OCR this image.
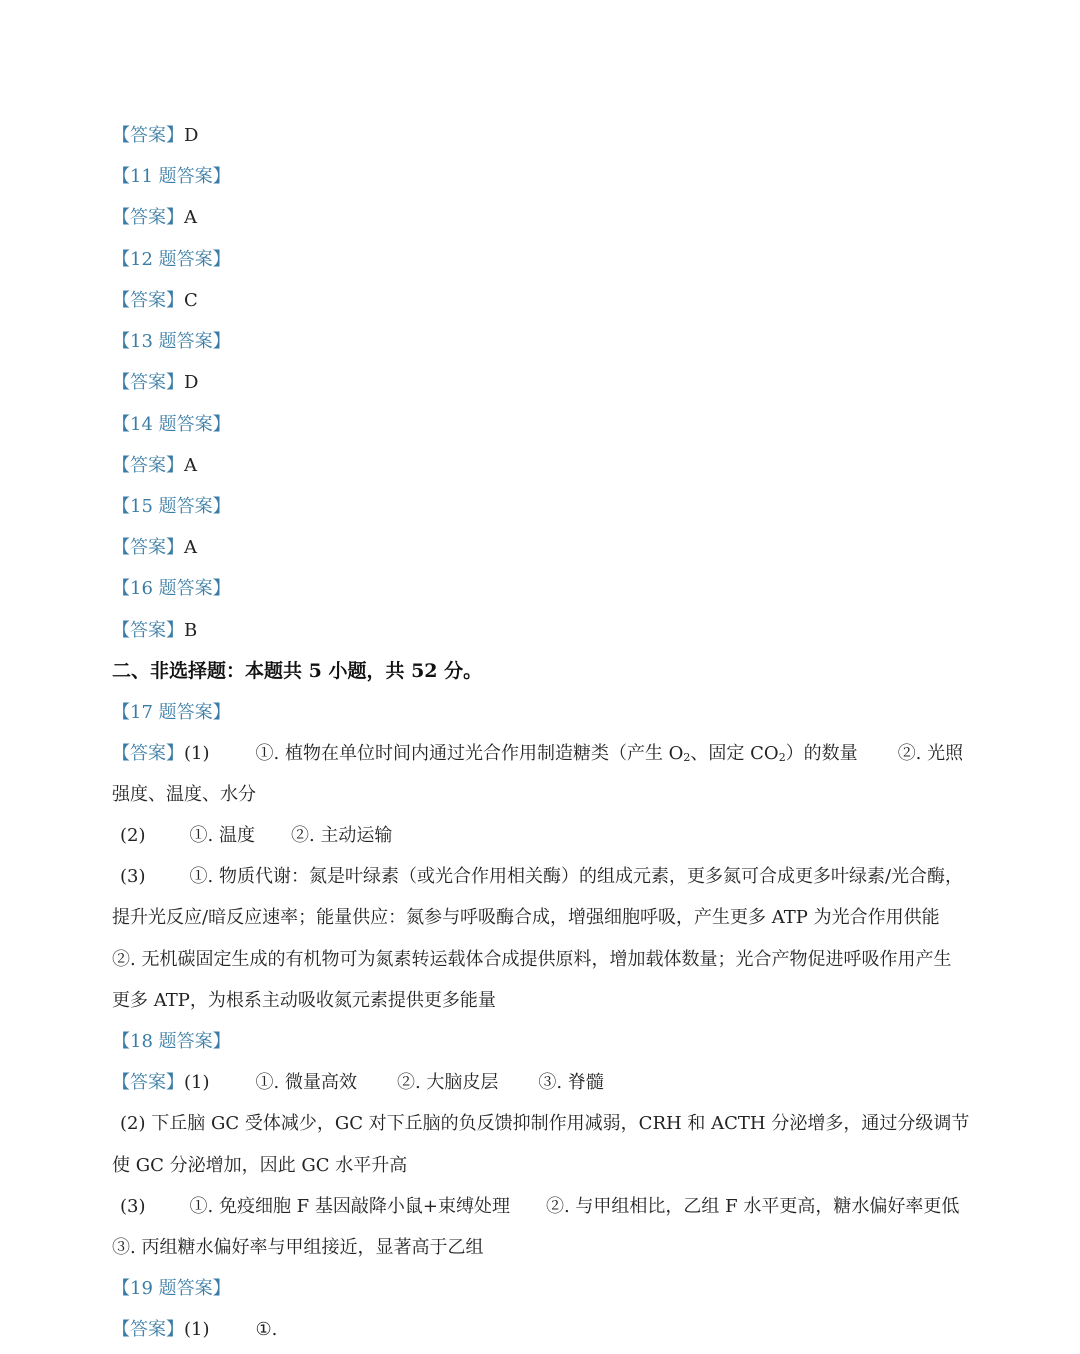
【答案】D
【11 题答案】
【答案】A
【12 题答案】
【答案】C
【13 题答案】
【答案】D
【14 题答案】
【答案】A
【15 题答案】
【答案】A
【16 题答案】
【答案】B
二、非选择题：本题共 5 小题，共 52 分。
【17 题答案】
【答案】(1)	①. 植物在单位时间内通过光合作用制造糖类（产生 $O_2$、固定 $CO_2$）的数量 ②. 光照
强度、温度、水分
(2) ①. 温度 ②. 主动运输
(3) ①. 物质代谢：氮是叶绿素（或光合作用相关酶）的组成元素，更多氮可合成更多叶绿素/光合酶，
提升光反应/暗反应速率；能量供应：氮参与呼吸酶合成，增强细胞呼吸，产生更多 ATP 为光合作用供能
②. 无机碳固定生成的有机物可为氮素转运载体合成提供原料，增加载体数量；光合产物促进呼吸作用产生
更多 ATP，为根系主动吸收氮元素提供更多能量
【18 题答案】
【答案】(1)	①. 微量高效 ②. 大脑皮层 ③. 脊髓
(2) 下丘脑 GC 受体减少，GC 对下丘脑的负反馈抑制作用减弱，CRH 和 ACTH 分泌增多，通过分级调节
使 GC 分泌增加，因此 GC 水平升高
(3) ①. 免疫细胞 F 基因敲降小鼠+束缚处理 ②. 与甲组相比，乙组 F 水平更高，糖水偏好率更低
③. 丙组糖水偏好率与甲组接近，显著高于乙组
【19 题答案】
【答案】(1)	①.
